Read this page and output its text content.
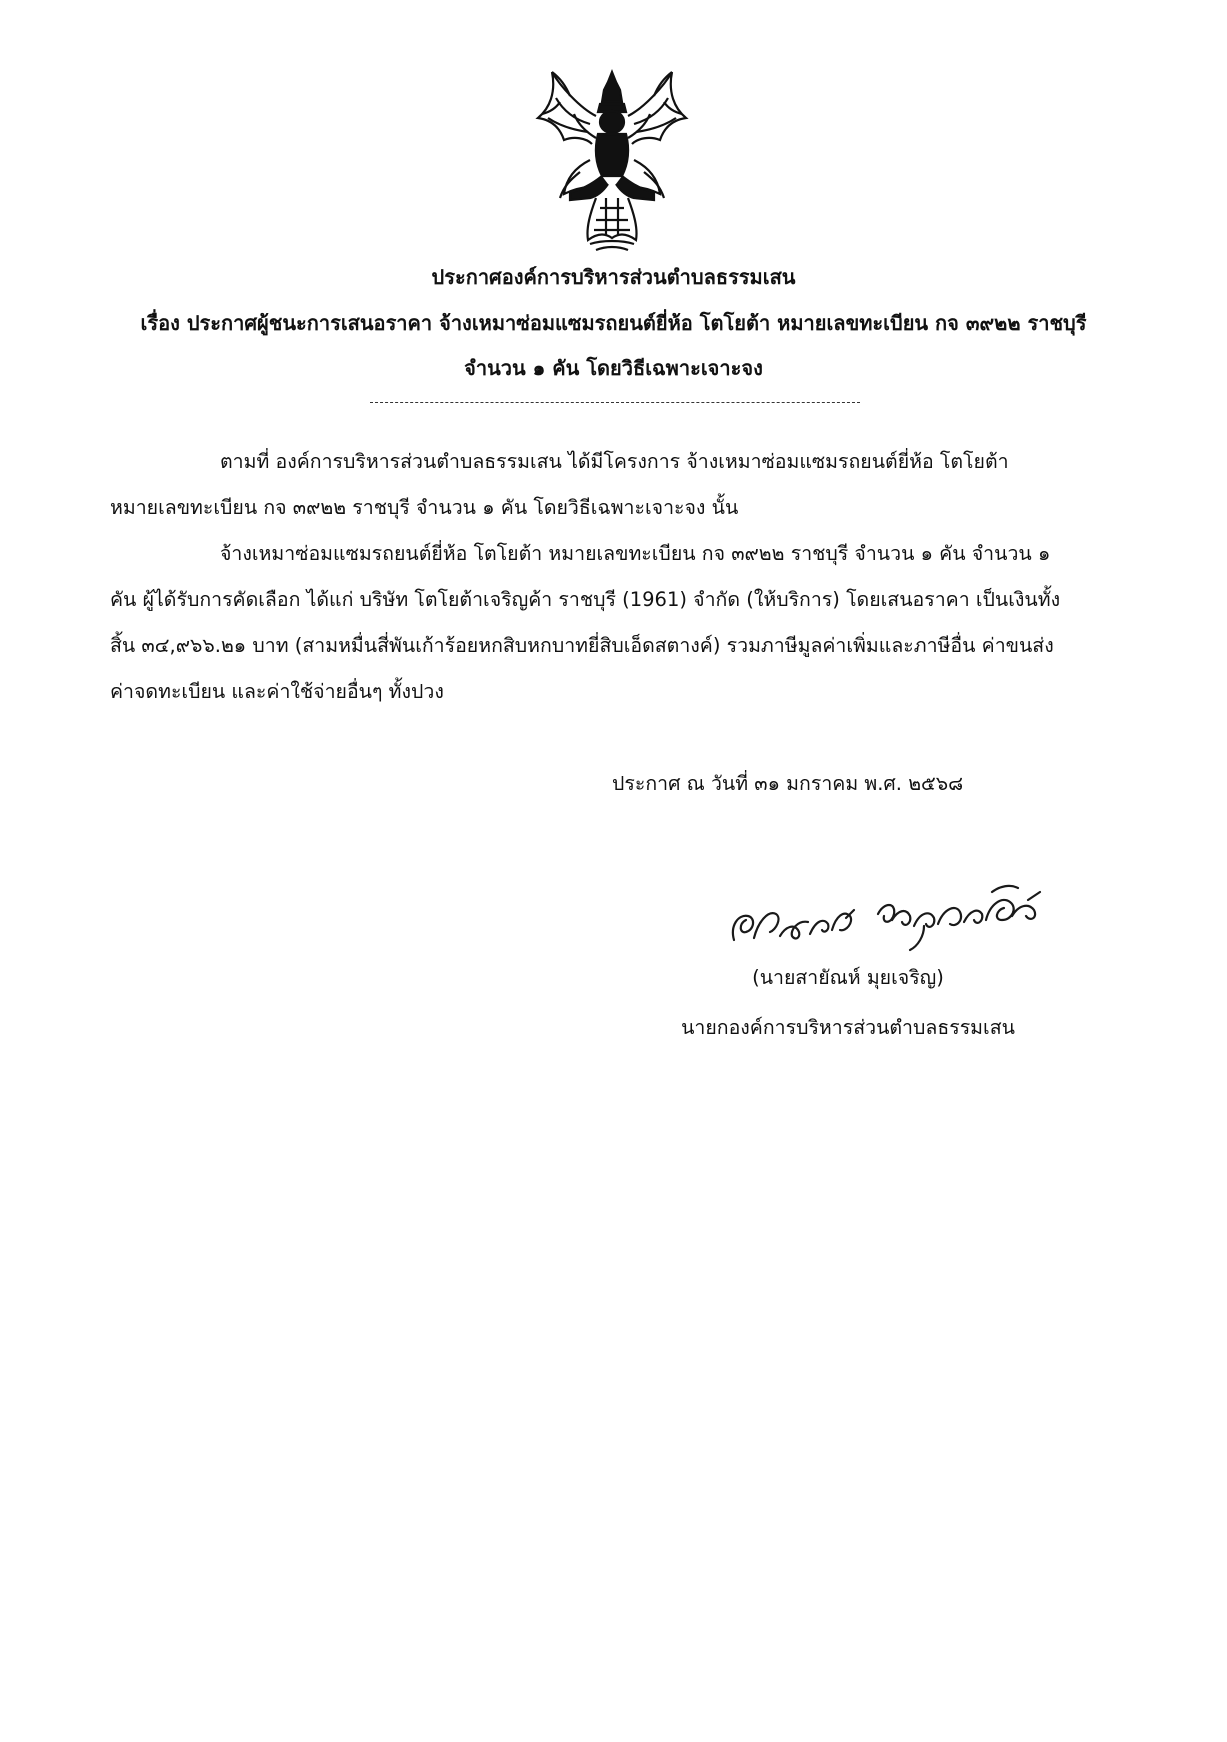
ประกาศองค์การบริหารส่วนตำบลธรรมเสน
เรื่อง ประกาศผู้ชนะการเสนอราคา จ้างเหมาซ่อมแซมรถยนต์ยี่ห้อ โตโยต้า หมายเลขทะเบียน กจ ๓๙๒๒ ราชบุรี
จำนวน ๑ คัน โดยวิธีเฉพาะเจาะจง
ตามที่ องค์การบริหารส่วนตำบลธรรมเสน ได้มีโครงการ จ้างเหมาซ่อมแซมรถยนต์ยี่ห้อ โตโยต้า
หมายเลขทะเบียน กจ ๓๙๒๒ ราชบุรี จำนวน ๑ คัน โดยวิธีเฉพาะเจาะจง นั้น
จ้างเหมาซ่อมแซมรถยนต์ยี่ห้อ โตโยต้า หมายเลขทะเบียน กจ ๓๙๒๒ ราชบุรี จำนวน ๑ คัน จำนวน ๑
คัน ผู้ได้รับการคัดเลือก ได้แก่ บริษัท โตโยต้าเจริญค้า ราชบุรี (1961) จำกัด (ให้บริการ) โดยเสนอราคา เป็นเงินทั้ง
สิ้น ๓๔,๙๖๖.๒๑ บาท (สามหมื่นสี่พันเก้าร้อยหกสิบหกบาทยี่สิบเอ็ดสตางค์) รวมภาษีมูลค่าเพิ่มและภาษีอื่น ค่าขนส่ง
ค่าจดทะเบียน และค่าใช้จ่ายอื่นๆ ทั้งปวง
ประกาศ ณ วันที่ ๓๑ มกราคม พ.ศ. ๒๕๖๘
(นายสายัณห์ มุยเจริญ)
นายกองค์การบริหารส่วนตำบลธรรมเสน
